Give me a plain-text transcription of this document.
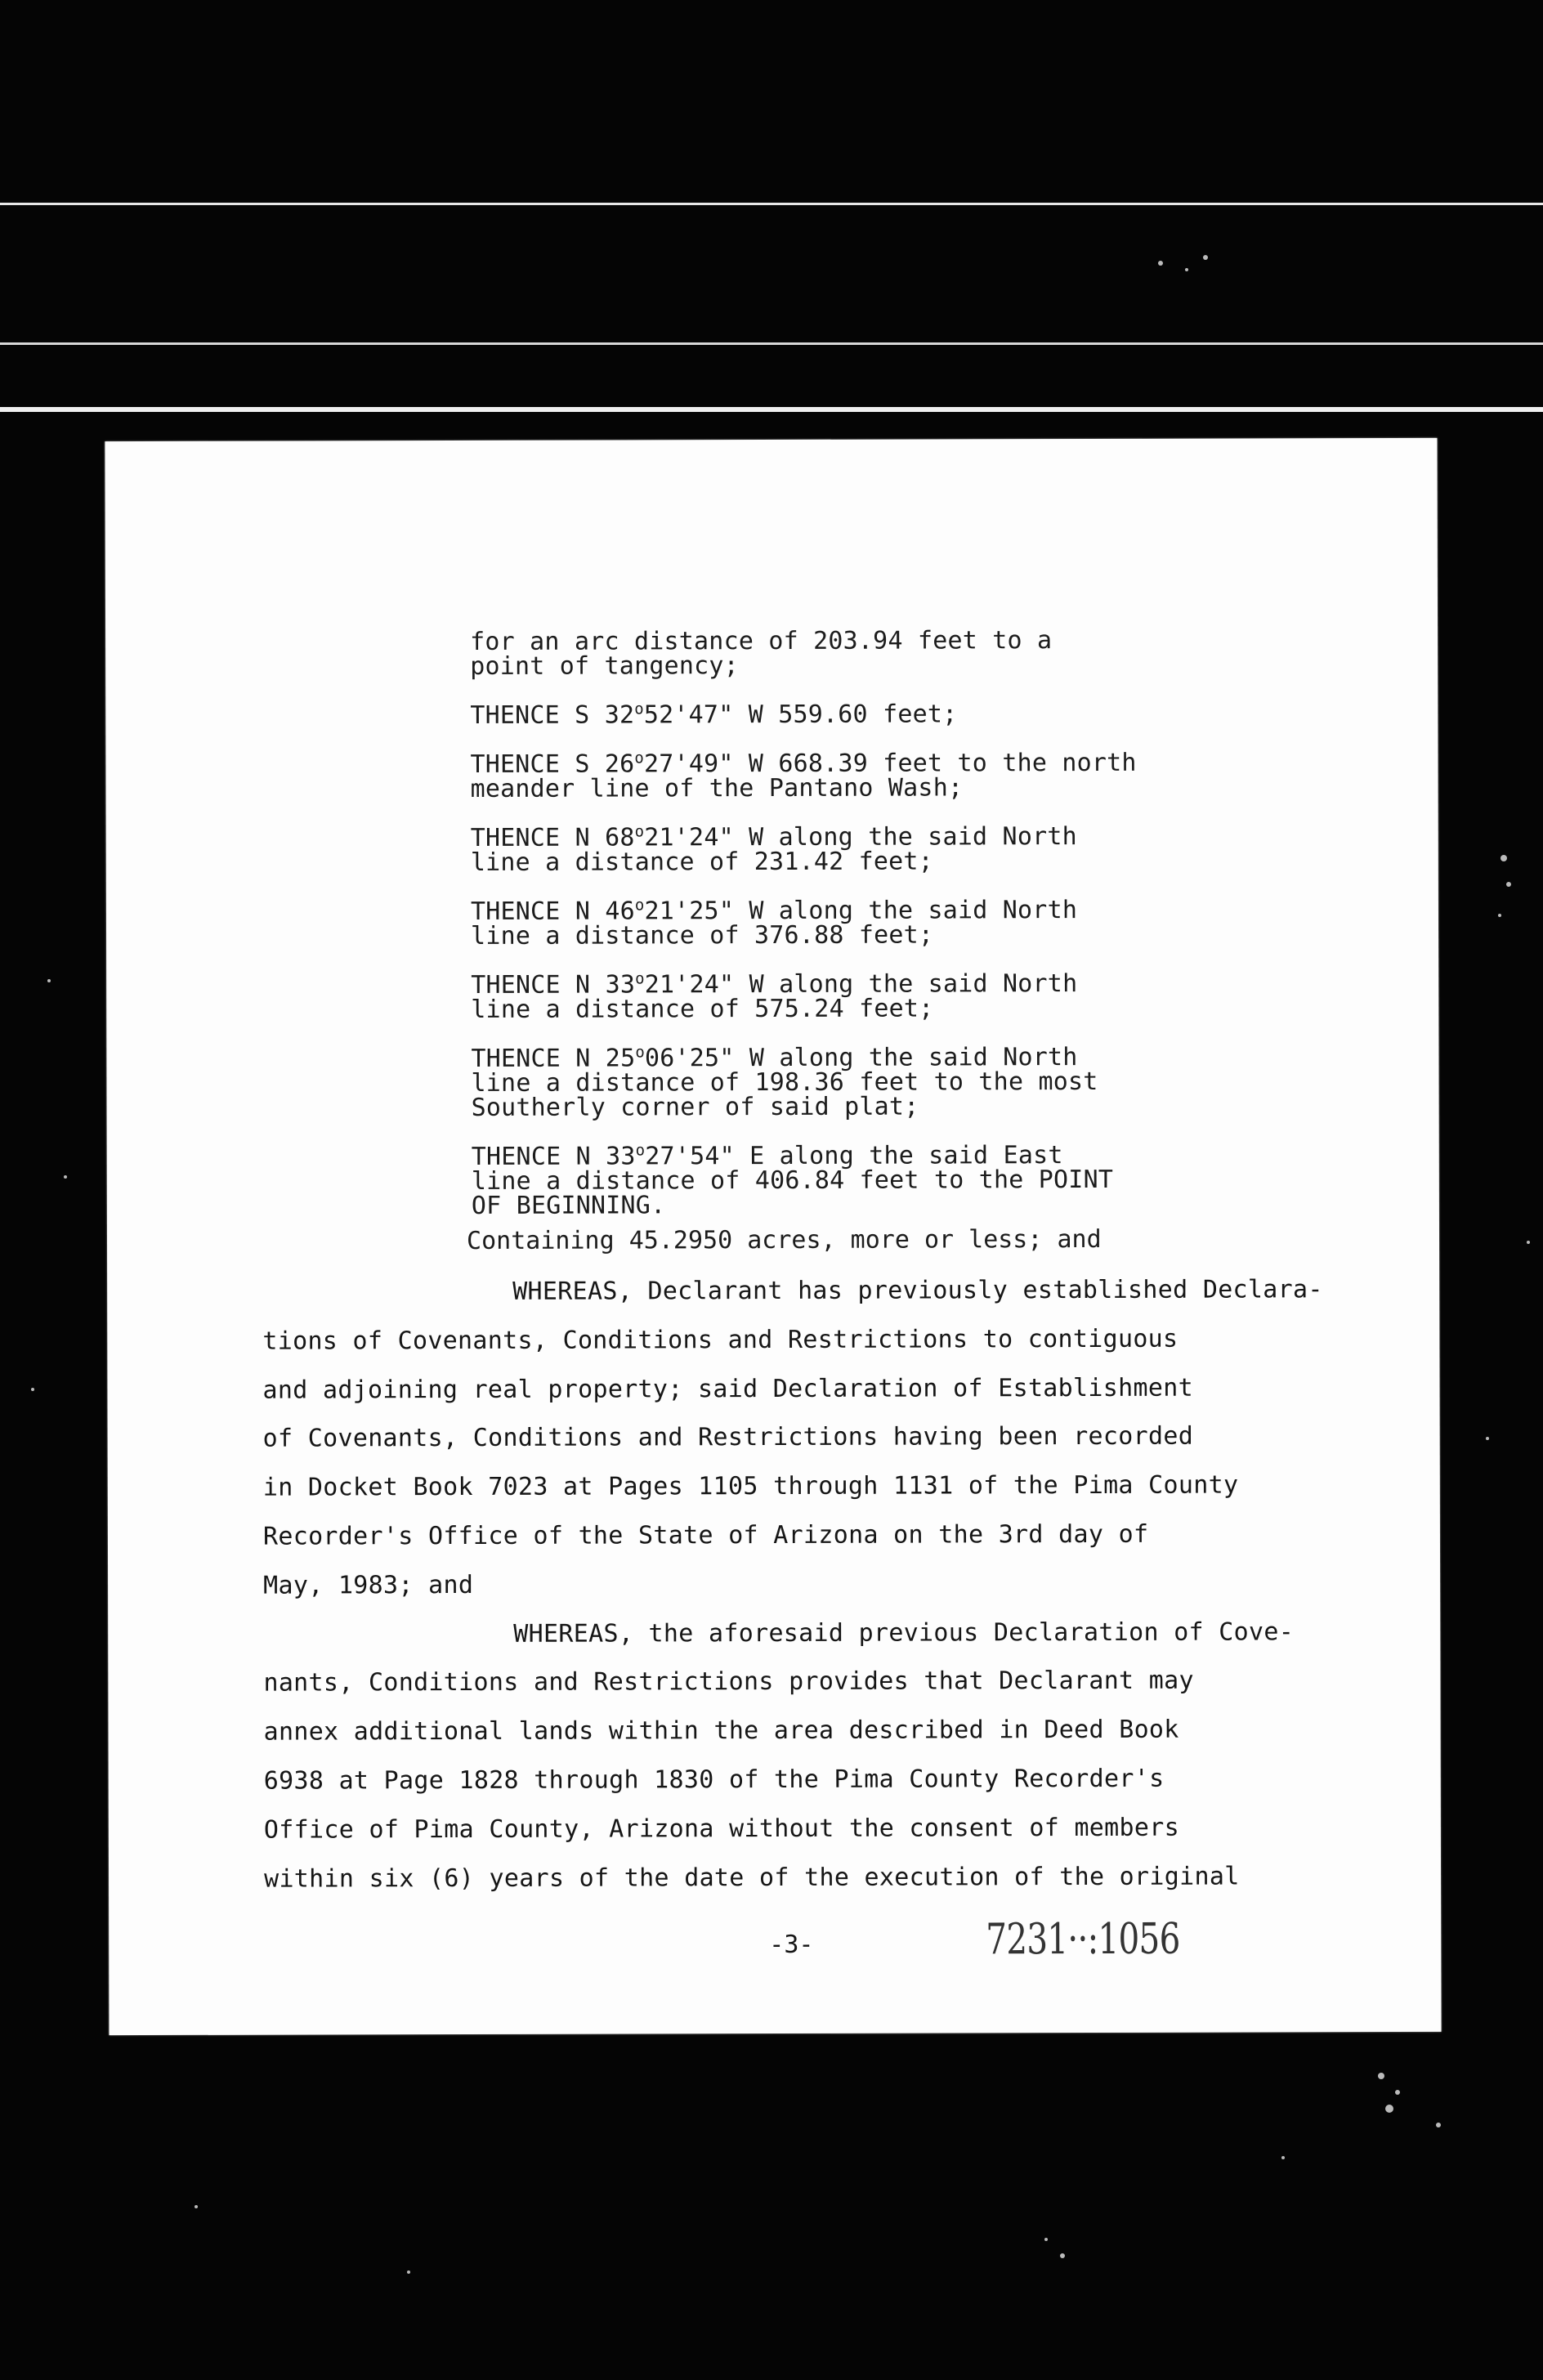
for an arc distance of 203.94 feet to a
point of tangency;
THENCE S 32$^o$52'47" W 559.60 feet;
THENCE S 26$^o$27'49" W 668.39 feet to the north
meander line of the Pantano Wash;
THENCE N 68$^o$21'24" W along the said North
line a distance of 231.42 feet;
THENCE N 46$^o$21'25" W along the said North
line a distance of 376.88 feet;
THENCE N 33$^o$21'24" W along the said North
line a distance of 575.24 feet;
THENCE N 25$^o$06'25" W along the said North
line a distance of 198.36 feet to the most
Southerly corner of said plat;
THENCE N 33$^o$27'54" E along the said East
line a distance of 406.84 feet to the POINT
OF BEGINNING.
Containing 45.2950 acres, more or less; and
WHEREAS, Declarant has previously established Declara-
tions of Covenants, Conditions and Restrictions to contiguous
and adjoining real property; said Declaration of Establishment
of Covenants, Conditions and Restrictions having been recorded
in Docket Book 7023 at Pages 1105 through 1131 of the Pima County
Recorder's Office of the State of Arizona on the 3rd day of
May, 1983; and
WHEREAS, the aforesaid previous Declaration of Cove-
nants, Conditions and Restrictions provides that Declarant may
annex additional lands within the area described in Deed Book
6938 at Page 1828 through 1830 of the Pima County Recorder's
Office of Pima County, Arizona without the consent of members
within six (6) years of the date of the execution of the original
-3-	7231··:1056
